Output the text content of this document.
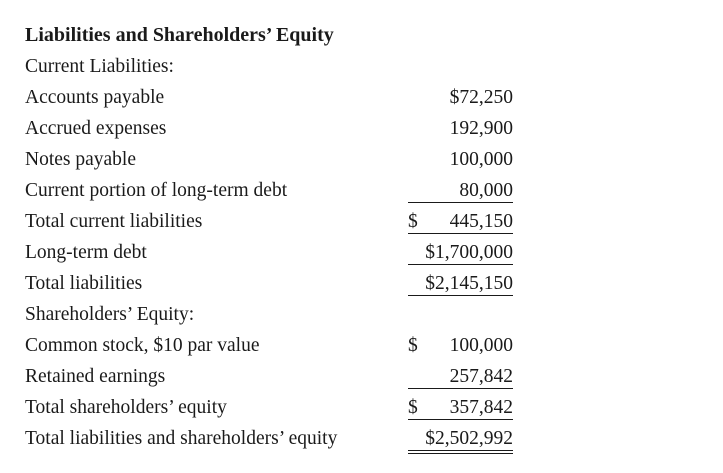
Liabilities and Shareholders’ Equity
Current Liabilities:
Accounts payable	$72,250
Accrued expenses	192,900
Notes payable	100,000
Current portion of long-term debt	80,000
Total current liabilities	$ 445,150
Long-term debt	$1,700,000
Total liabilities	$2,145,150
Shareholders’ Equity:
Common stock, $10 par value	$ 100,000
Retained earnings	257,842
Total shareholders’ equity	$ 357,842
Total liabilities and shareholders’ equity	$2,502,992
